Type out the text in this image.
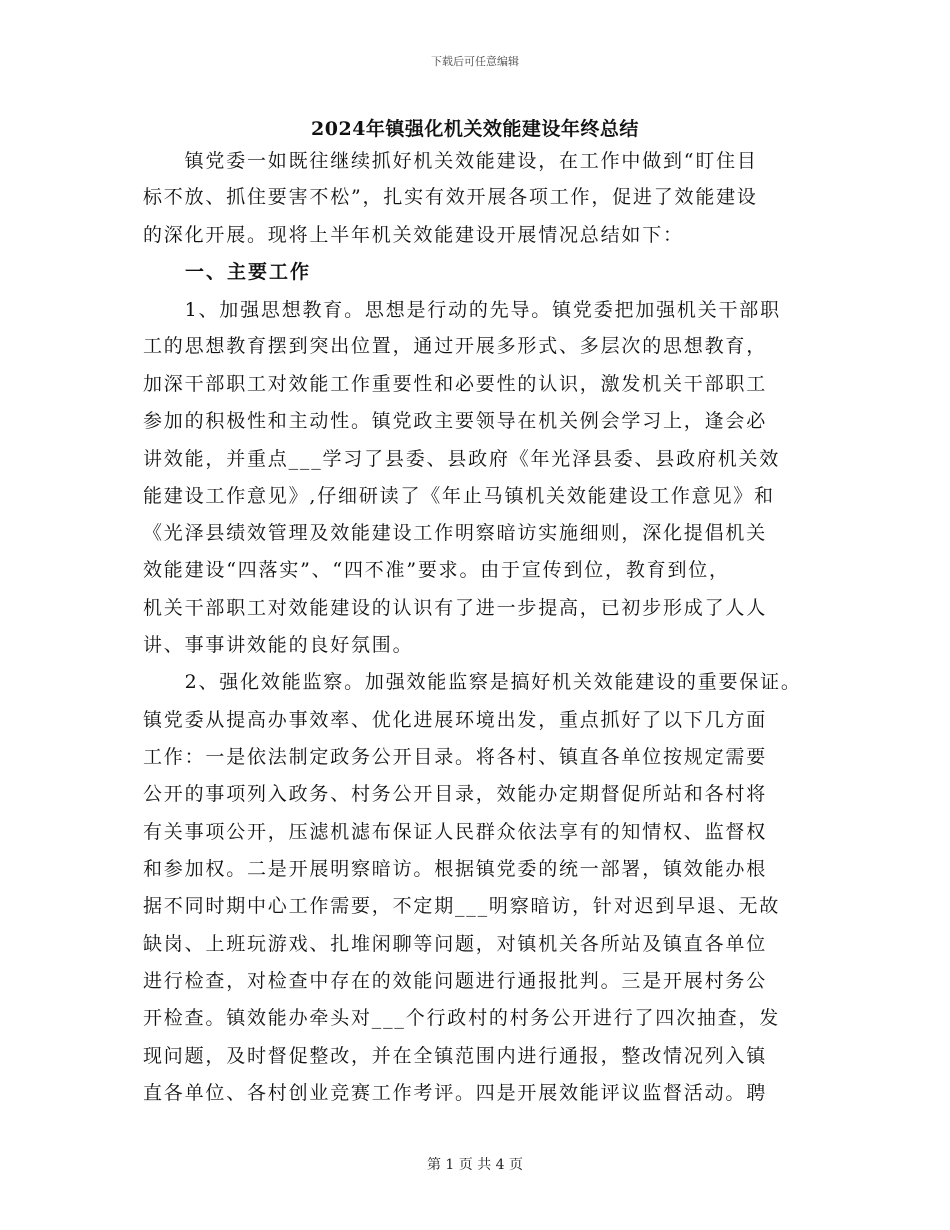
下载后可任意编辑
2024年镇强化机关效能建设年终总结
　　镇党委一如既往继续抓好机关效能建设，在工作中做到“盯住目
标不放、抓住要害不松”，扎实有效开展各项工作，促进了效能建设
的深化开展。现将上半年机关效能建设开展情况总结如下：
　　一、主要工作
　　1、加强思想教育。思想是行动的先导。镇党委把加强机关干部职
工的思想教育摆到突出位置，通过开展多形式、多层次的思想教育，
加深干部职工对效能工作重要性和必要性的认识，激发机关干部职工
参加的积极性和主动性。镇党政主要领导在机关例会学习上，逢会必
讲效能，并重点___学习了县委、县政府《年光泽县委、县政府机关效
能建设工作意见》,仔细研读了《年止马镇机关效能建设工作意见》和
《光泽县绩效管理及效能建设工作明察暗访实施细则，深化提倡机关
效能建设“四落实”、“四不准”要求。由于宣传到位，教育到位，
机关干部职工对效能建设的认识有了进一步提高，已初步形成了人人
讲、事事讲效能的良好氛围。
　　2、强化效能监察。加强效能监察是搞好机关效能建设的重要保证。
镇党委从提高办事效率、优化进展环境出发，重点抓好了以下几方面
工作：一是依法制定政务公开目录。将各村、镇直各单位按规定需要
公开的事项列入政务、村务公开目录，效能办定期督促所站和各村将
有关事项公开，压滤机滤布保证人民群众依法享有的知情权、监督权
和参加权。二是开展明察暗访。根据镇党委的统一部署，镇效能办根
据不同时期中心工作需要，不定期___明察暗访，针对迟到早退、无故
缺岗、上班玩游戏、扎堆闲聊等问题，对镇机关各所站及镇直各单位
进行检查，对检查中存在的效能问题进行通报批判。三是开展村务公
开检查。镇效能办牵头对___个行政村的村务公开进行了四次抽查，发
现问题，及时督促整改，并在全镇范围内进行通报，整改情况列入镇
直各单位、各村创业竞赛工作考评。四是开展效能评议监督活动。聘
第 1 页 共 4 页
